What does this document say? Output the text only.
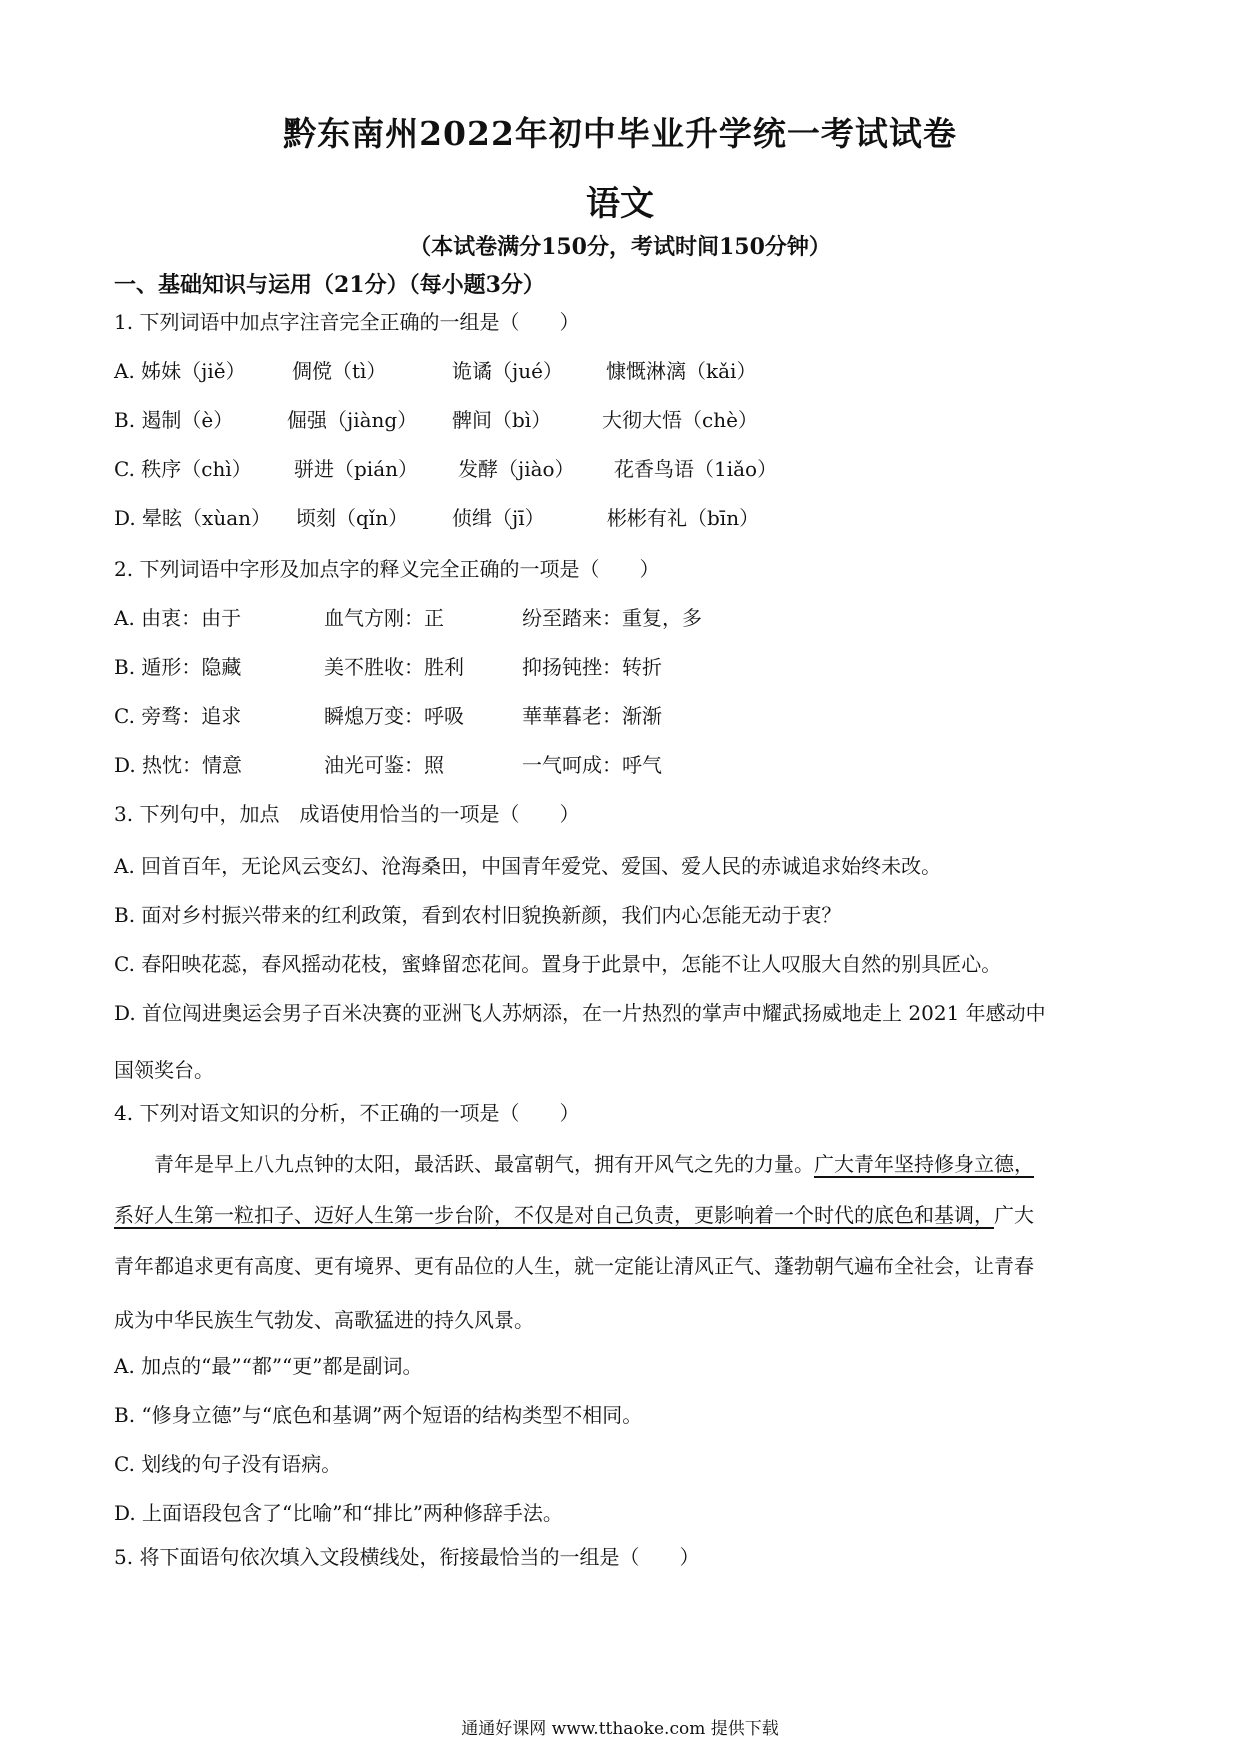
黔东南州2022年初中毕业升学统一考试试卷
语文
（本试卷满分150分，考试时间150分钟）
一、基础知识与运用（21分）（每小题3分）
1. 下列词语中加点字注音完全正确的一组是（　　）
A. 姊妹（jiě） 倜傥（tì）	诡谲（jué） 慷慨淋漓（kǎi）
B. 遏制（è）	倔强（jiàng） 髀间（bì）	大彻大悟（chè）
C. 秩序（chì） 骈进（pián） 发酵（jiào） 花香鸟语（1iǎo）
D. 晕眩（xùan） 顷刻（qǐn） 侦缉（jī）	彬彬有礼（bīn）
2. 下列词语中字形及加点字的释义完全正确的一项是（　　）
A. 由衷：由于	血气方刚：正	纷至踏来：重复，多
B. 遁形：隐藏	美不胜收：胜利	抑扬钝挫：转折
C. 旁骛：追求	瞬熄万变：呼吸	華華暮老：渐渐
D. 热忱：情意	油光可鉴：照	一气呵成：呼气
3. 下列句中，加点　成语使用恰当的一项是（　　）
A. 回首百年，无论风云变幻、沧海桑田，中国青年爱党、爱国、爱人民的赤诚追求始终未改。
B. 面对乡村振兴带来的红利政策，看到农村旧貌换新颜，我们内心怎能无动于衷？
C. 春阳映花蕊，春风摇动花枝，蜜蜂留恋花间。置身于此景中，怎能不让人叹服大自然的别具匠心。
D. 首位闯进奥运会男子百米决赛的亚洲飞人苏炳添，在一片热烈的掌声中耀武扬威地走上 2021 年感动中
国领奖台。
4. 下列对语文知识的分析，不正确的一项是（　　）
　　青年是早上八九点钟的太阳，最活跃、最富朝气，拥有开风气之先的力量。广大青年坚持修身立德，
系好人生第一粒扣子、迈好人生第一步台阶，不仅是对自己负责，更影响着一个时代的底色和基调，广大
青年都追求更有高度、更有境界、更有品位的人生，就一定能让清风正气、蓬勃朝气遍布全社会，让青春
成为中华民族生气勃发、高歌猛进的持久风景。
A. 加点的“最”“都”“更”都是副词。
B. “修身立德”与“底色和基调”两个短语的结构类型不相同。
C. 划线的句子没有语病。
D. 上面语段包含了“比喻”和“排比”两种修辞手法。
5. 将下面语句依次填入文段横线处，衔接最恰当的一组是（　　）
通通好课网 www.tthaoke.com 提供下载
